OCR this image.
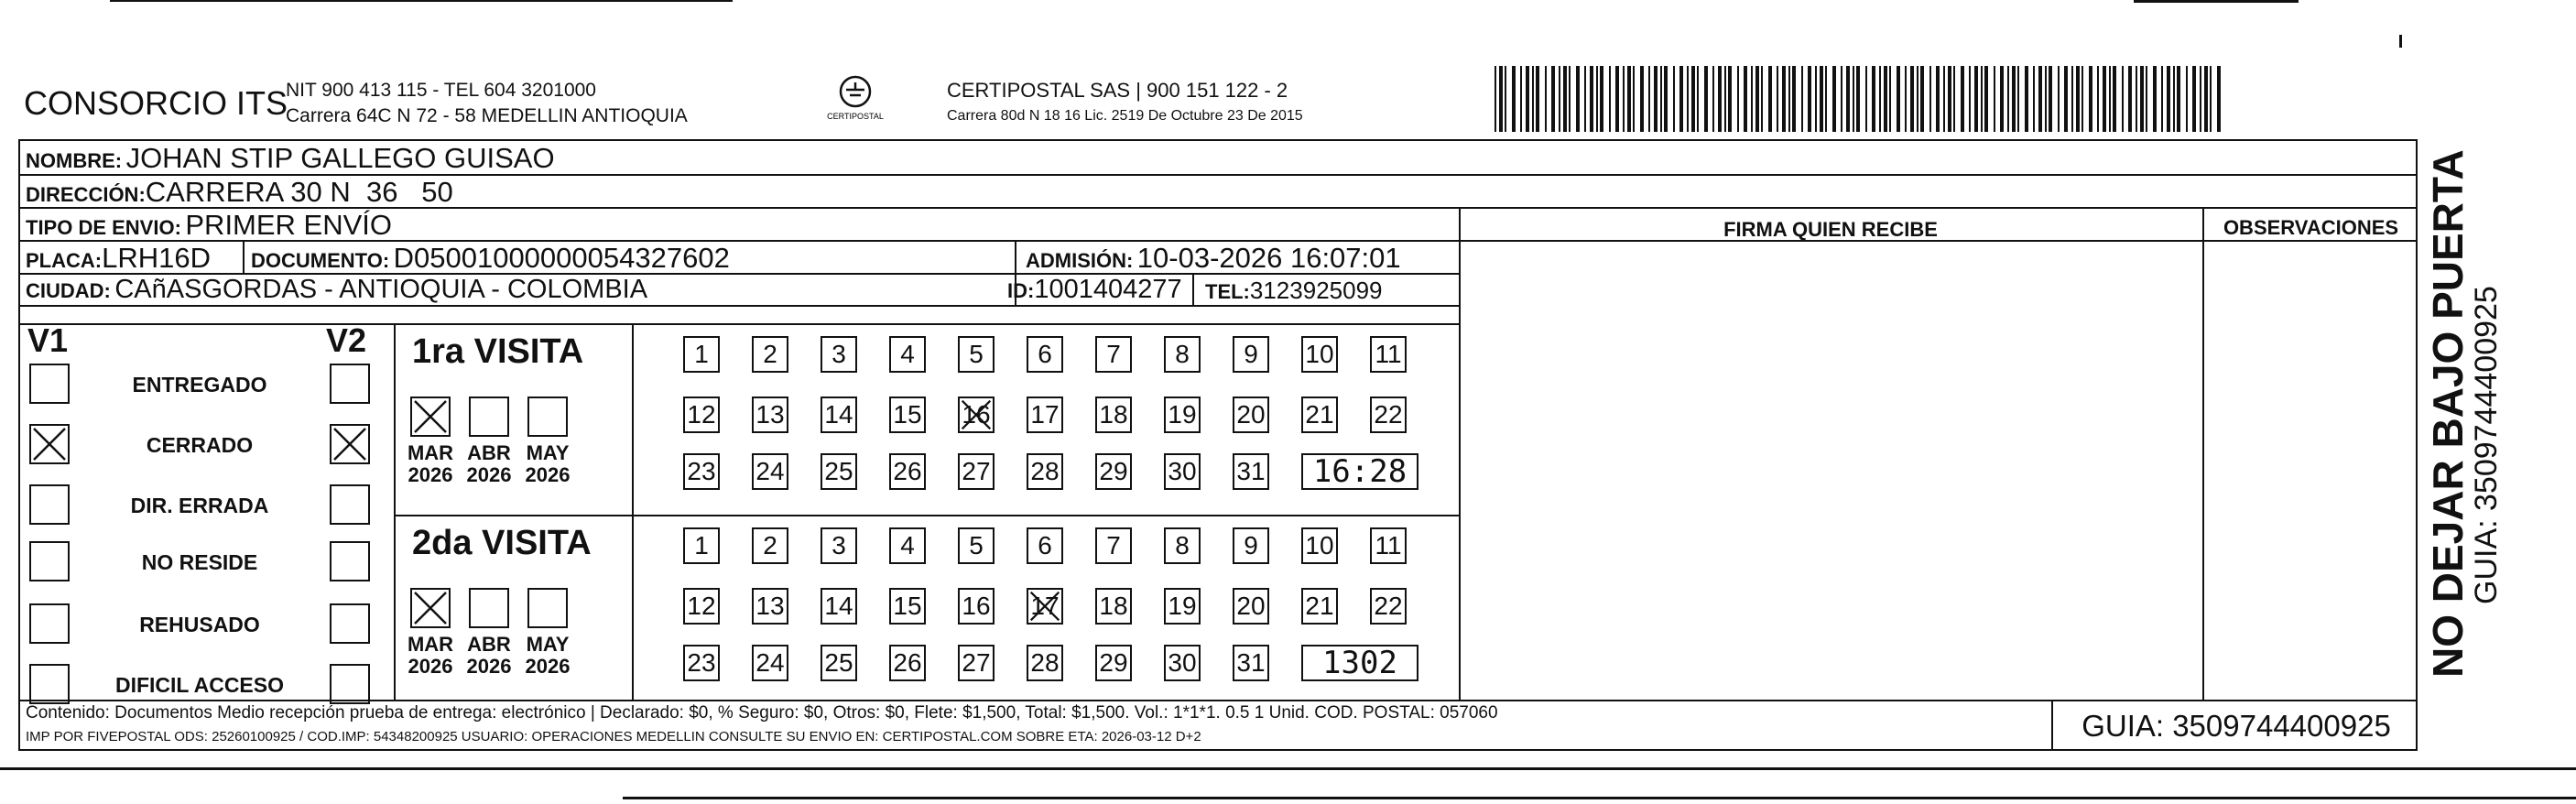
CONSORCIO ITS
NIT 900 413 115 - TEL 604 3201000
Carrera 64C N 72 - 58 MEDELLIN ANTIOQUIA	CERTIPOSTAL
CERTIPOSTAL SAS | 900 151 122 - 2
Carrera 80d N 18 16 Lic. 2519 De Octubre 23 De 2015
NOMBRE: JOHAN STIP GALLEGO GUISAO
DIRECCIÓN:CARRERA 30 N  36   50
TIPO DE ENVIO: PRIMER ENVÍO
PLACA:LRH16D DOCUMENTO: D05001000000054327602	ADMISIÓN: 10-03-2026 16:07:01
CIUDAD: CAñASGORDAS - ANTIOQUIA - COLOMBIA	ID:1001404277 TEL:3123925099
FIRMA QUIEN RECIBE	OBSERVACIONES
V1	V2
ENTREGADO
CERRADO
DIR. ERRADA
NO RESIDE
REHUSADO
DIFICIL ACCESO
1ra VISITA
MAR
2026
ABR
2026
MAY
2026
1	2	3	4	5	6	7	8	9	10 11
12 13 14 15 16 17 18 19 20 21 22
23 24 25 26 27 28 29 30 31	16:28
2da VISITA
MAR
2026
ABR
2026
MAY
2026
1	2	3	4	5	6	7	8	9	10 11
12 13 14 15 16 17 18 19 20 21 22
23 24 25 26 27 28 29 30 31	1302
Contenido: Documentos Medio recepción prueba de entrega: electrónico | Declarado: $0, % Seguro: $0, Otros: $0, Flete: $1,500, Total: $1,500. Vol.: 1*1*1. 0.5 1 Unid. COD. POSTAL: 057060
IMP POR FIVEPOSTAL ODS: 25260100925 / COD.IMP: 54348200925 USUARIO: OPERACIONES MEDELLIN CONSULTE SU ENVIO EN: CERTIPOSTAL.COM SOBRE ETA: 2026-03-12 D+2	GUIA: 3509744400925
NO DEJAR BAJO PUERTA
GUIA: 3509744400925
